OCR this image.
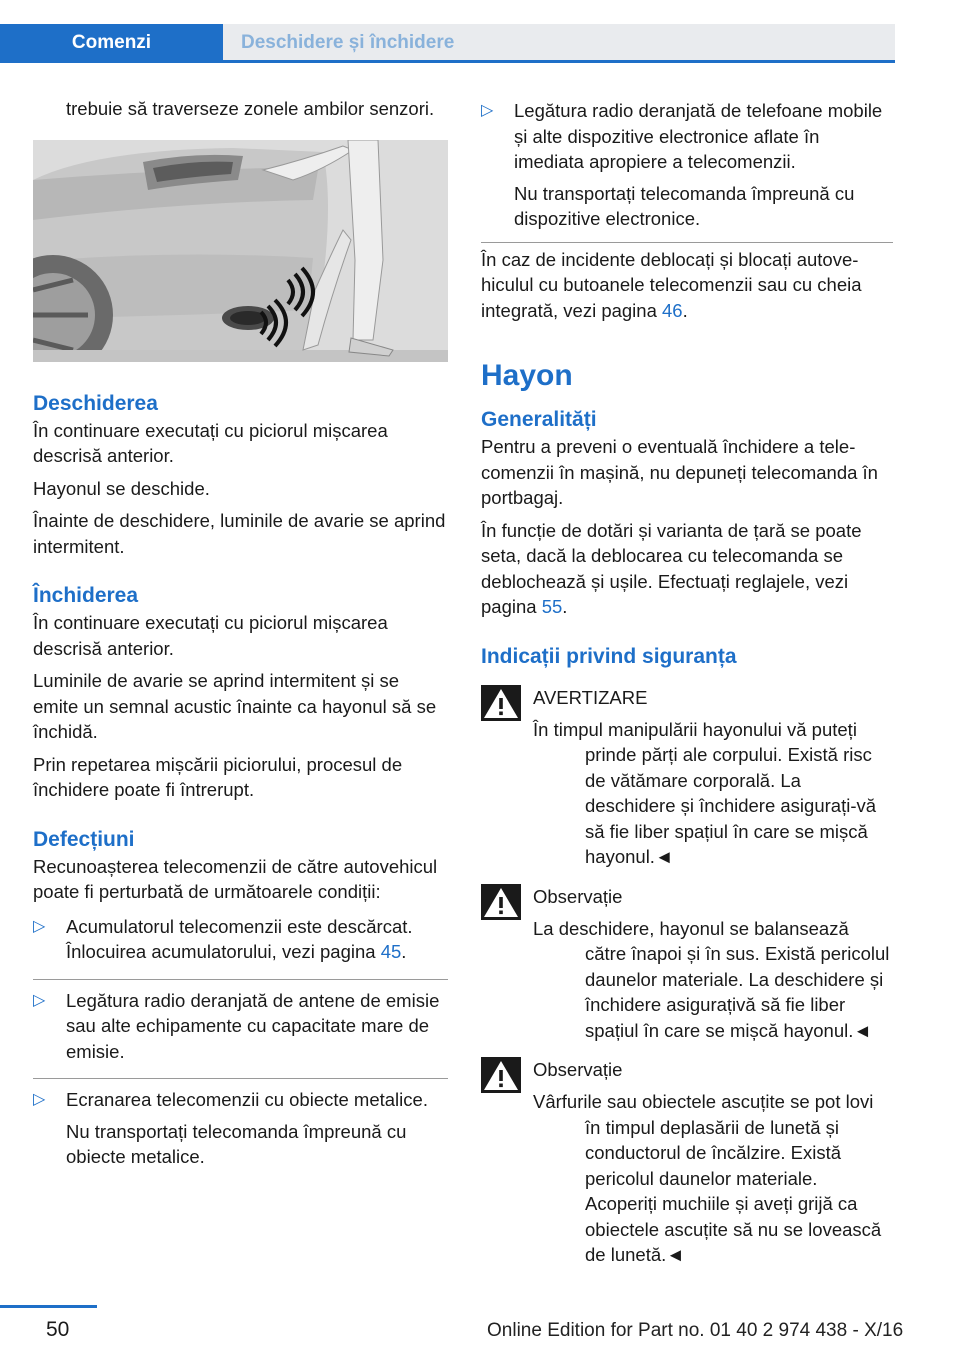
Comenzi	Deschidere și închidere

trebuie să traverseze zonele ambilor senzori.

Deschiderea

În continuare executați cu piciorul mișcarea descrisă anterior.

Hayonul se deschide.

Înainte de deschidere, luminile de avarie se aprind intermitent.

Închiderea

În continuare executați cu piciorul mișcarea descrisă anterior.

Luminile de avarie se aprind intermitent și se emite un semnal acustic înainte ca hayonul să se închidă.

Prin repetarea mișcării piciorului, procesul de închidere poate fi întrerupt.

Defecțiuni

Recunoașterea telecomenzii de către autovehicul poate fi perturbată de următoarele condiții:

▷ Acumulatorul telecomenzii este descărcat. Înlocuirea acumulatorului, vezi pagina 45.

▷ Legătura radio deranjată de antene de emisie sau alte echipamente cu capacitate mare de emisie.

▷ Ecranarea telecomenzii cu obiecte metalice.

Nu transportați telecomanda împreună cu obiecte metalice.

▷ Legătura radio deranjată de telefoane mobile și alte dispozitive electronice aflate în imediata apropiere a telecomenzii.

Nu transportați telecomanda împreună cu dispozitive electronice.

În caz de incidente deblocați și blocați autovehiculul cu butoanele telecomenzii sau cu cheia integrată, vezi pagina 46.

Hayon
Generalități

Pentru a preveni o eventuală închidere a telecomenzii în mașină, nu depuneți telecomanda în portbagaj.

În funcție de dotări și varianta de țară se poate seta, dacă la deblocarea cu telecomanda se deblochează și ușile. Efectuați reglajele, vezi pagina 55.

Indicații privind siguranța

AVERTIZARE

În timpul manipulării hayonului vă puteți prinde părți ale corpului. Există risc de vătămare corporală. La deschidere și închidere asigurați-vă să fie liber spațiul în care se mișcă hayonul.◄

Observație

La deschidere, hayonul se balansează către înapoi și în sus. Există pericolul daunelor materiale. La deschidere și închidere asigurațivă să fie liber spațiul în care se mișcă hayonul.◄

Observație

Vârfurile sau obiectele ascuțite se pot lovi în timpul deplasării de lunetă și conductorul de încălzire. Există pericolul daunelor materiale. Acoperiți muchiile și aveți grijă ca obiectele ascuțite să nu se lovească de lunetă.◄

50	Online Edition for Part no. 01 40 2 974 438 - X/16
